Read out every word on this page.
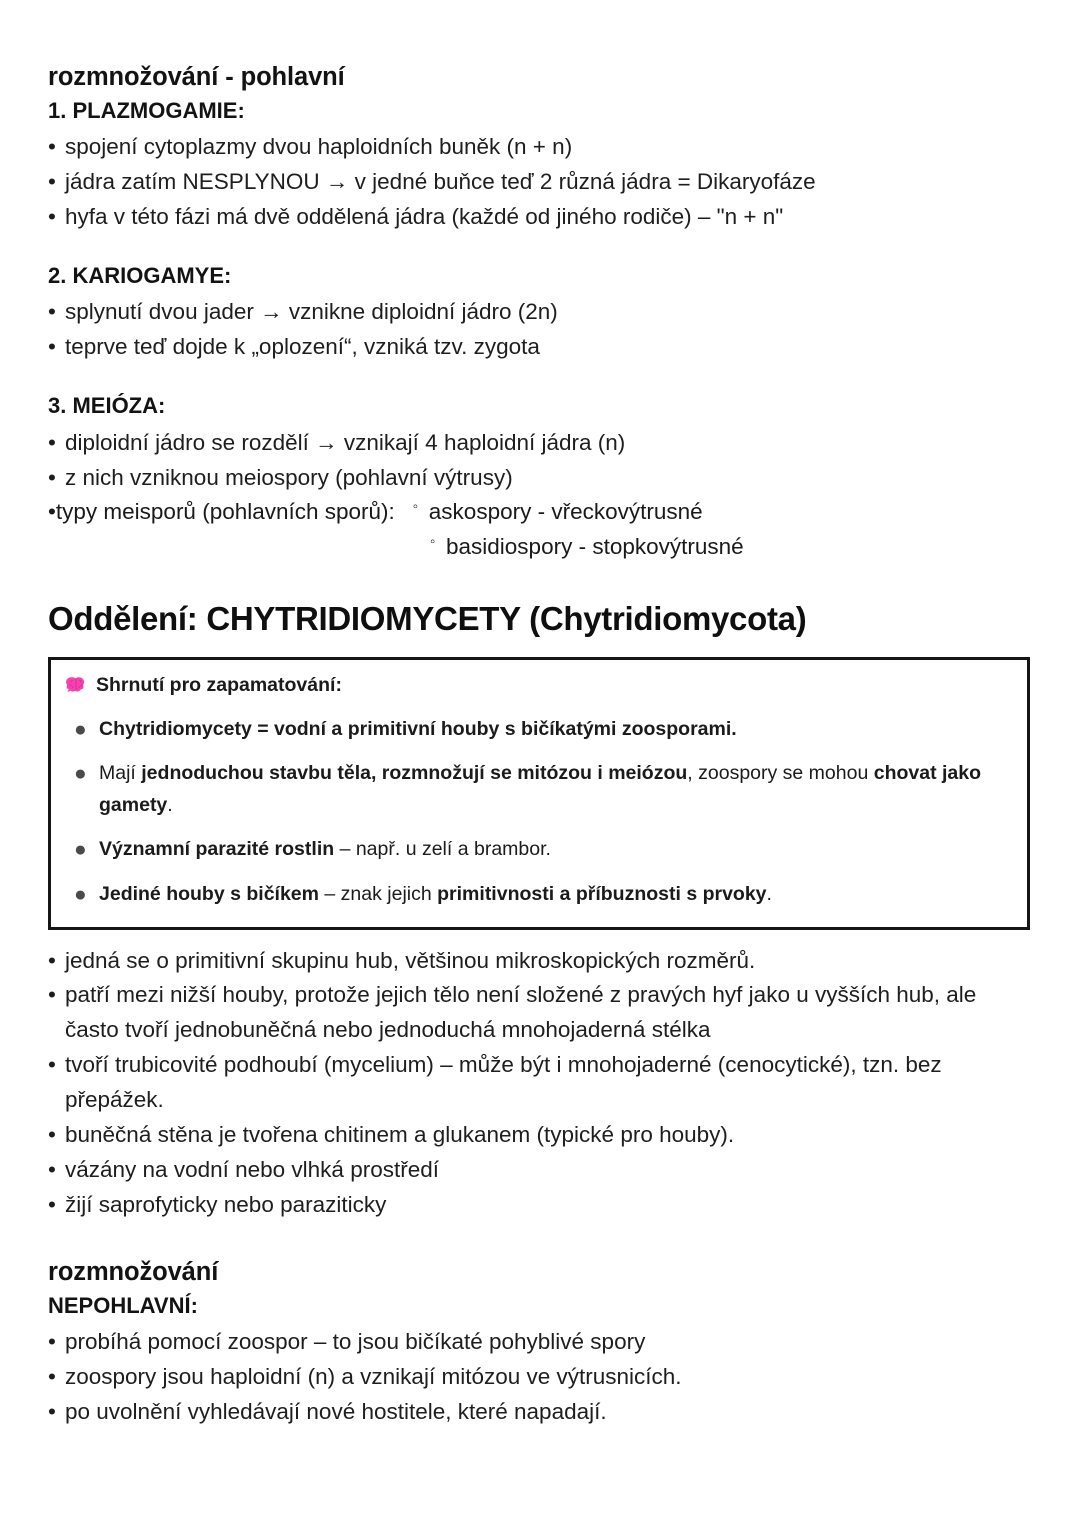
rozmnožování - pohlavní
1. PLAZMOGAMIE:
• spojení cytoplazmy dvou haploidních buněk (n + n)
• jádra zatím NESPLYNOU → v jedné buňce teď 2 různá jádra = Dikaryofáze
• hyfa v této fázi má dvě oddělená jádra (každé od jiného rodiče) – "n + n"
2. KARIOGAMYE:
• splynutí dvou jader → vznikne diploidní jádro (2n)
• teprve teď dojde k „oplození“, vzniká tzv. zygota
3. MEIÓZA:
• diploidní jádro se rozdělí → vznikají 4 haploidní jádra (n)
• z nich vzniknou meiospory (pohlavní výtrusy)
• typy meisporů (pohlavních sporů): ◦ askospory - vřeckovýtrusné
◦ basidiospory - stopkovýtrusné
Oddělení: CHYTRIDIOMYCETY (Chytridiomycota)
Shrnutí pro zapamatování:
● Chytridiomycety = vodní a primitivní houby s bičíkatými zoosporami.
● Mají jednoduchou stavbu těla, rozmnožují se mitózou i meiózou, zoospory se mohou chovat jako gamety.
● Významní parazité rostlin – např. u zelí a brambor.
● Jediné houby s bičíkem – znak jejich primitivnosti a příbuznosti s prvoky.
• jedná se o primitivní skupinu hub, většinou mikroskopických rozměrů.
• patří mezi nižší houby, protože jejich tělo není složené z pravých hyf jako u vyšších hub, ale
často tvoří jednobuněčná nebo jednoduchá mnohojaderná stélka
• tvoří trubicovité podhoubí (mycelium) – může být i mnohojaderné (cenocytické), tzn. bez
přepážek.
• buněčná stěna je tvořena chitinem a glukanem (typické pro houby).
• vázány na vodní nebo vlhká prostředí
• žijí saprofyticky nebo paraziticky
rozmnožování
NEPOHLAVNÍ:
• probíhá pomocí zoospor – to jsou bičíkaté pohyblivé spory
• zoospory jsou haploidní (n) a vznikají mitózou ve výtrusnicích.
• po uvolnění vyhledávají nové hostitele, které napadají.
